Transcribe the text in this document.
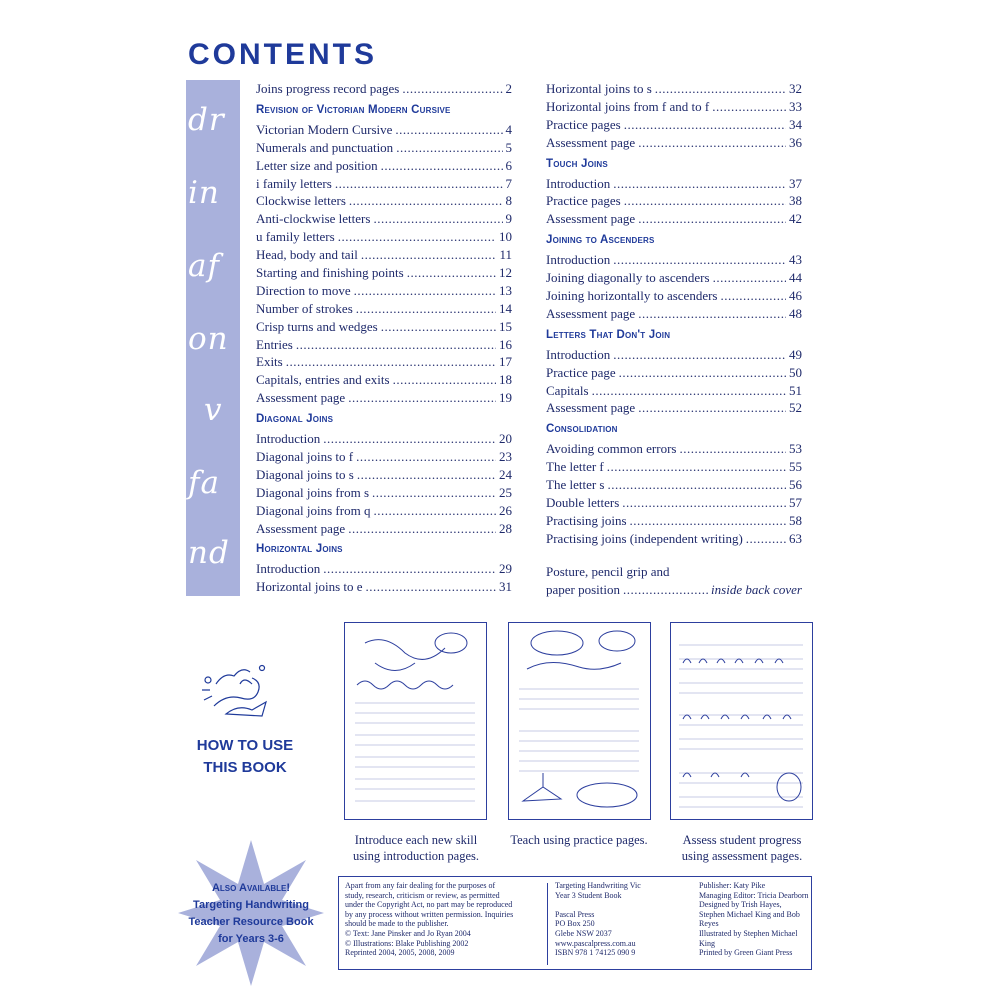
CONTENTS
dr
in
af
on
v
fa
nd
Joins progress record pages .....	2
Revision of Victorian Modern Cursive
Victorian Modern Cursive .....	4
Numerals and punctuation .....	5
Letter size and position .....	6
i family letters .....	7
Clockwise letters .....	8
Anti-clockwise letters .....	9
u family letters .....	10
Head, body and tail .....	11
Starting and finishing points .....	12
Direction to move .....	13
Number of strokes .....	14
Crisp turns and wedges .....	15
Entries .....	16
Exits .....	17
Capitals, entries and exits .....	18
Assessment page .....	19
Diagonal Joins
Introduction .....	20
Diagonal joins to f .....	23
Diagonal joins to s .....	24
Diagonal joins from s .....	25
Diagonal joins from q .....	26
Assessment page .....	28
Horizontal Joins
Introduction .....	29
Horizontal joins to e .....	31
Horizontal joins to s .....	32
Horizontal joins from f and to f .....	33
Practice pages .....	34
Assessment page .....	36
Touch Joins
Introduction .....	37
Practice pages .....	38
Assessment page .....	42
Joining to Ascenders
Introduction .....	43
Joining diagonally to ascenders .....	44
Joining horizontally to ascenders .....	46
Assessment page .....	48
Letters That Don't Join
Introduction .....	49
Practice page .....	50
Capitals .....	51
Assessment page .....	52
Consolidation
Avoiding common errors .....	53
The letter f .....	55
The letter s .....	56
Double letters .....	57
Practising joins .....	58
Practising joins (independent writing) .....	63
Posture, pencil grip and
paper position .....	inside back cover
HOW TO USE
THIS BOOK
Introduce each new skill
using introduction pages.
Teach using practice pages.	Assess student progress
using assessment pages.
Also Available!
Targeting Handwriting
Teacher Resource Book
for Years 3-6
Apart from any fair dealing for the purposes of
study, research, criticism or review, as permitted
under the Copyright Act, no part may be reproduced
by any process without written permission. Inquiries
should be made to the publisher.
© Text: Jane Pinsker and Jo Ryan 2004
© Illustrations: Blake Publishing 2002
Reprinted 2004, 2005, 2008, 2009
Targeting Handwriting Vic
Year 3 Student Book
Pascal Press
PO Box 250
Glebe NSW 2037
www.pascalpress.com.au
ISBN 978 1 74125 090 9
Publisher: Katy Pike
Managing Editor: Tricia Dearborn
Designed by Trish Hayes,
Stephen Michael King and Bob Reyes
Illustrated by Stephen Michael King
Printed by Green Giant Press
